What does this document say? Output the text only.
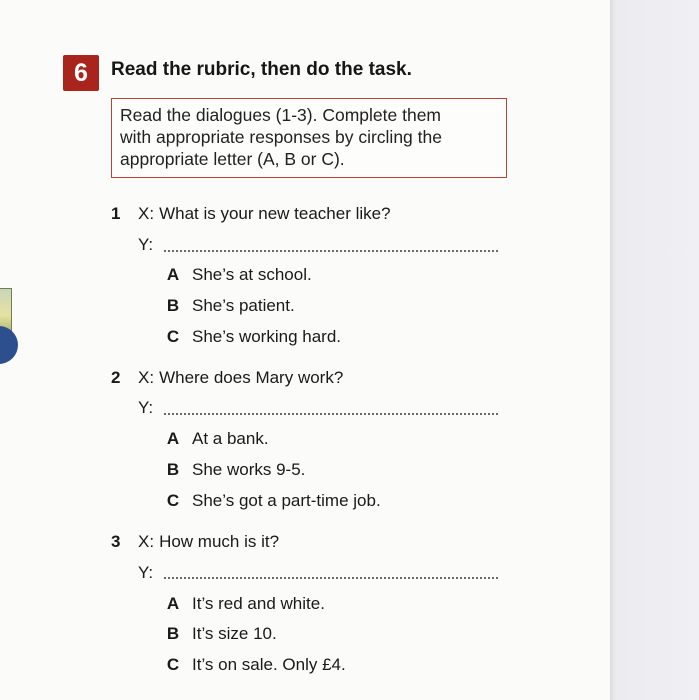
6	Read the rubric, then do the task.
Read the dialogues (1-3). Complete them
with appropriate responses by circling the
appropriate letter (A, B or C).
1 X: What is your new teacher like?
Y:
A She’s at school.
B She’s patient.
C She’s working hard.
2 X: Where does Mary work?
Y:
A At a bank.
B She works 9-5.
C She’s got a part-time job.
3 X: How much is it?
Y:
A It’s red and white.
B It’s size 10.
C It’s on sale. Only £4.
